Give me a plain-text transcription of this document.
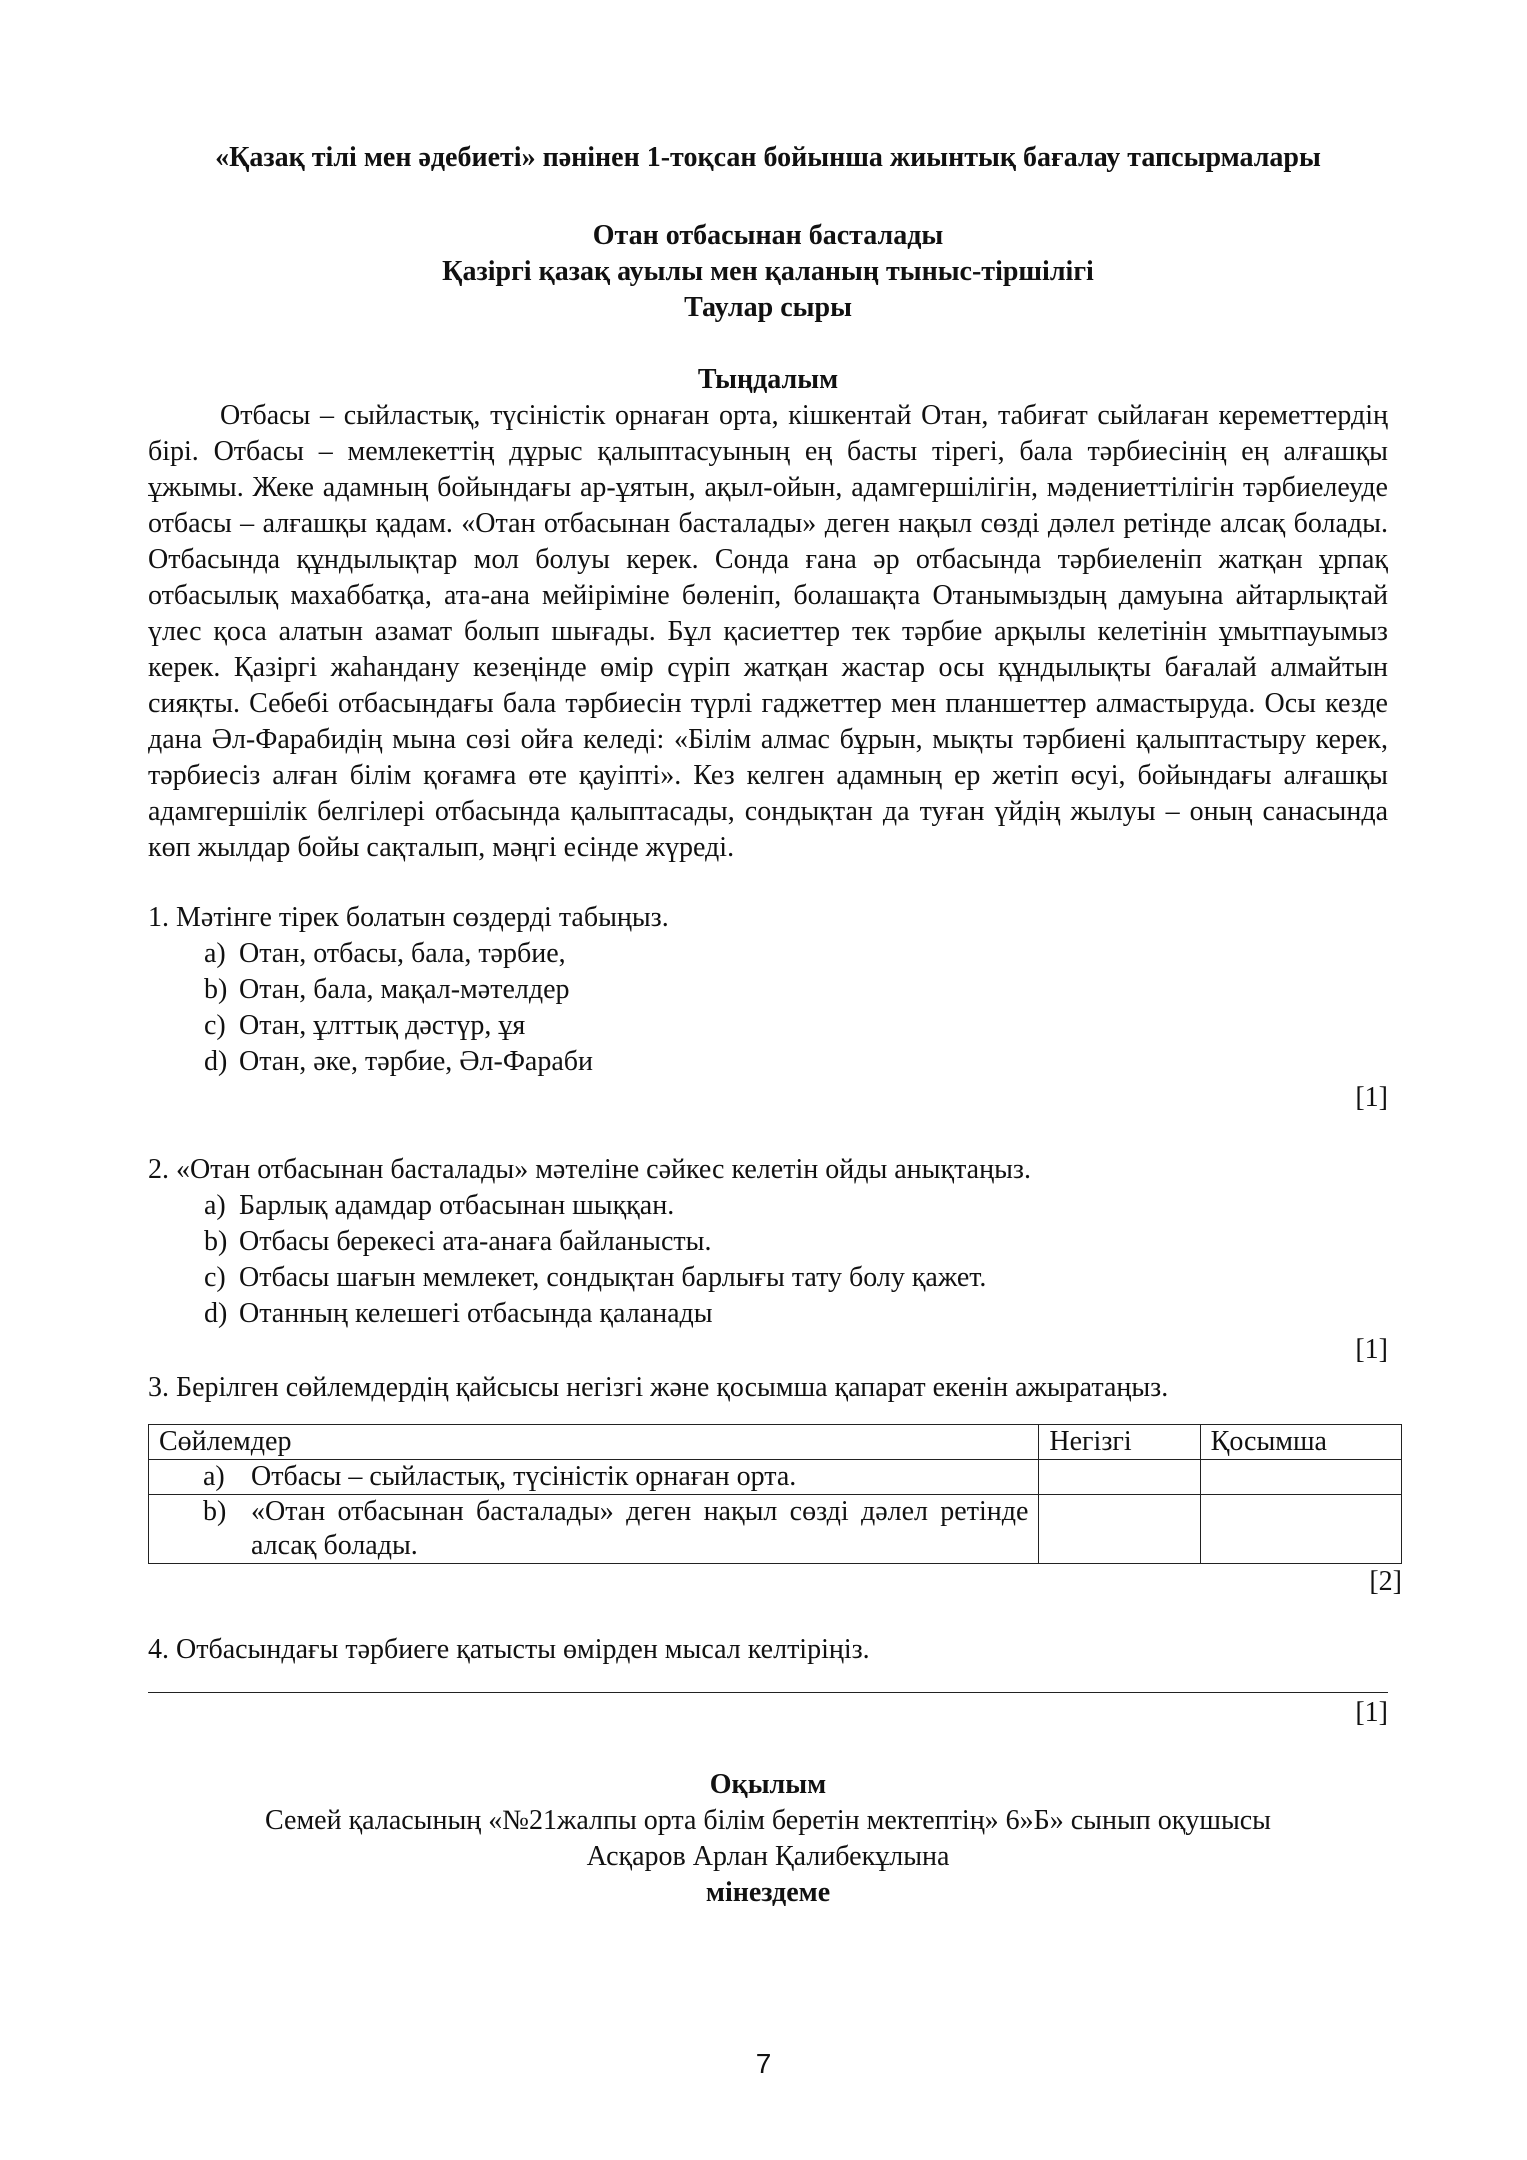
«Қазақ тілі мен әдебиеті» пәнінен 1-тоқсан бойынша жиынтық бағалау тапсырмалары
Отан отбасынан басталады
Қазіргі қазақ ауылы мен қаланың тыныс-тіршілігі
Таулар сыры
Тыңдалым

Отбасы – сыйластық, түсіністік орнаған орта, кішкентай Отан, табиғат сыйлаған кереметтердің бірі. Отбасы – мемлекеттің дұрыс қалыптасуының ең басты тірегі, бала тәрбиесінің ең алғашқы ұжымы. Жеке адамның бойындағы ар-ұятын, ақыл-ойын, адамгершілігін, мәдениеттілігін тәрбиелеуде отбасы – алғашқы қадам. «Отан отбасынан басталады» деген нақыл сөзді дәлел ретінде алсақ болады. Отбасында құндылықтар мол болуы керек. Сонда ғана әр отбасында тәрбиеленіп жатқан ұрпақ отбасылық махаббатқа, ата-ана мейіріміне бөленіп, болашақта Отанымыздың дамуына айтарлықтай үлес қоса алатын азамат болып шығады. Бұл қасиеттер тек тәрбие арқылы келетінін ұмытпауымыз керек. Қазіргі жаһандану кезеңінде өмір сүріп жатқан жастар осы құндылықты бағалай алмайтын сияқты. Себебі отбасындағы бала тәрбиесін түрлі гаджеттер мен планшеттер алмастыруда. Осы кезде дана Әл-Фарабидің мына сөзі ойға келеді: «Білім алмас бұрын, мықты тәрбиені қалыптастыру керек, тәрбиесіз алған білім қоғамға өте қауіпті». Кез келген адамның ер жетіп өсуі, бойындағы алғашқы адамгершілік белгілері отбасында қалыптасады, сондықтан да туған үйдің жылуы – оның санасында көп жылдар бойы сақталып, мәңгі есінде жүреді.

1. Мәтінге тірек болатын сөздерді табыңыз.
a) Отан, отбасы, бала, тәрбие,
b) Отан, бала, мақал-мәтелдер
c) Отан, ұлттық дәстүр, ұя
d) Отан, әке, тәрбие, Әл-Фараби
[1]
2. «Отан отбасынан басталады» мәтеліне сәйкес келетін ойды анықтаңыз.
a) Барлық адамдар отбасынан шыққан.
b) Отбасы берекесі ата-анаға байланысты.
c) Отбасы шағын мемлекет, сондықтан барлығы тату болу қажет.
d) Отанның келешегі отбасында қаланады
[1]
3. Берілген сөйлемдердің қайсысы негізгі және қосымша қапарат екенін ажыратаңыз.
Сөйлемдер	Негізгі	Қосымша

a) Отбасы – сыйластық, түсіністік орнаған орта.		

b) «Отан отбасынан басталады» деген нақыл сөзді дәлел ретінде алсақ болады.		

[2]
4. Отбасындағы тәрбиеге қатысты өмірден мысал келтіріңіз.
[1]
Оқылым
Семей қаласының «№21жалпы орта білім беретін мектептің» 6»Б» сынып оқушысы
Асқаров Арлан Қалибекұлына
мінездеме
7
